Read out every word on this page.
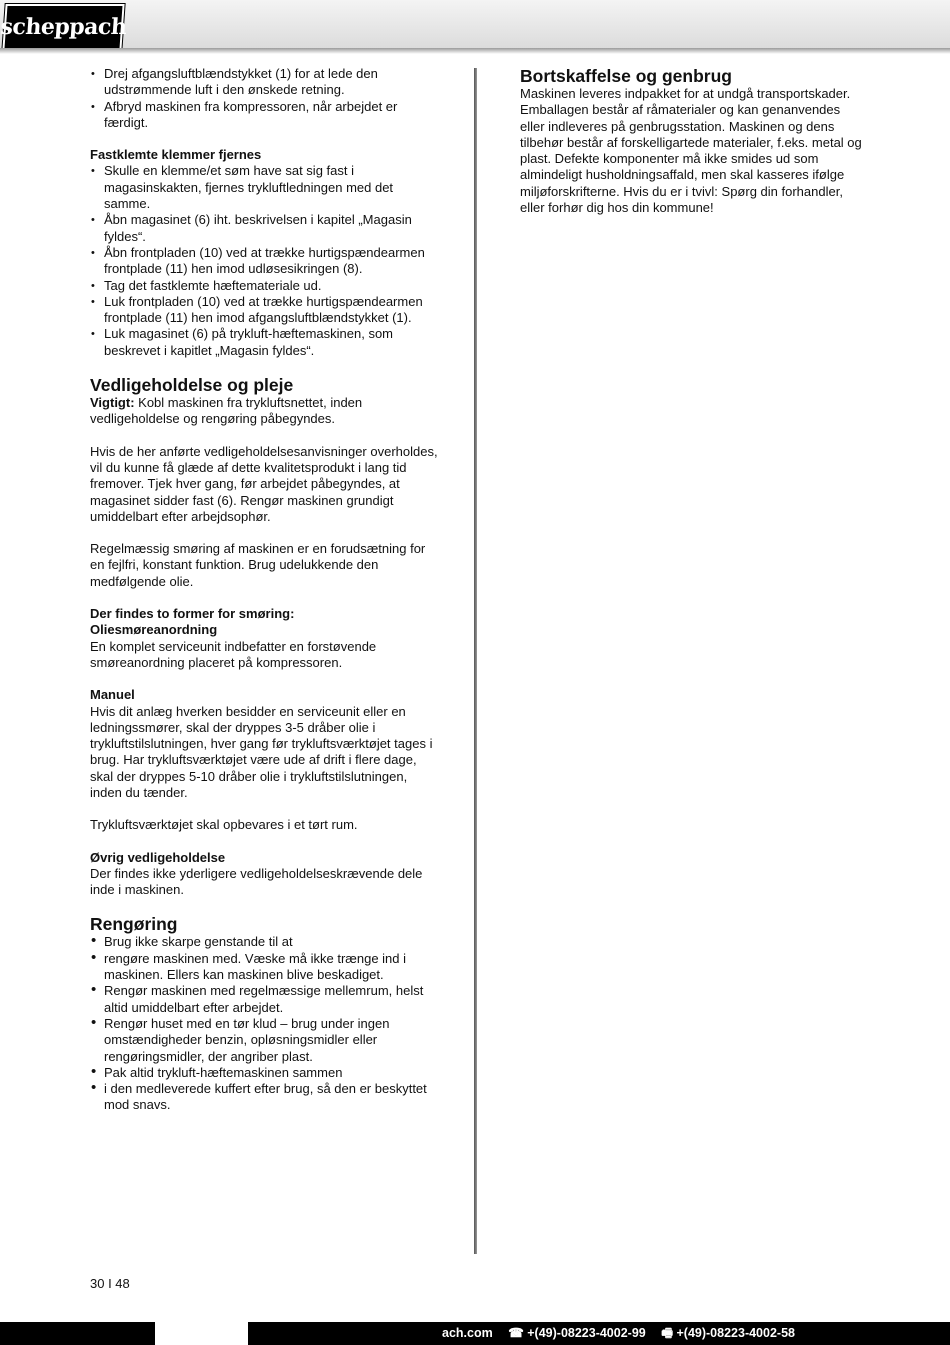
scheppach
• Drej afgangsluftblændstykket (1) for at lede den udstrømmende luft i den ønskede retning.
• Afbryd maskinen fra kompressoren, når arbejdet er færdigt.

Fastklemte klemmer fjernes

• Skulle en klemme/et søm have sat sig fast i magasinskakten, fjernes trykluftledningen med det samme.
• Åbn magasinet (6) iht. beskrivelsen i kapitel „Magasin fyldes“.
• Åbn frontpladen (10) ved at trække hurtigspændearmen frontplade (11) hen imod udløsesikringen (8).
• Tag det fastklemte hæftemateriale ud.
• Luk frontpladen (10) ved at trække hurtigspændearmen frontplade (11) hen imod afgangsluftblændstykket (1).
• Luk magasinet (6) på trykluft-hæftemaskinen, som beskrevet i kapitlet „Magasin fyldes“.

Vedligeholdelse og pleje

Vigtigt: Kobl maskinen fra trykluftsnettet, inden vedligeholdelse og rengøring påbegyndes.

Hvis de her anførte vedligeholdelsesanvisninger overholdes, vil du kunne få glæde af dette kvalitetsprodukt i lang tid fremover. Tjek hver gang, før arbejdet påbegyndes, at magasinet sidder fast (6). Rengør maskinen grundigt umiddelbart efter arbejdsophør.

Regelmæssig smøring af maskinen er en forudsætning for en fejlfri, konstant funktion. Brug udelukkende den medfølgende olie.

Der findes to former for smøring:

Oliesmøreanordning

En komplet serviceunit indbefatter en forstøvende smøreanordning placeret på kompressoren.

Manuel

Hvis dit anlæg hverken besidder en serviceunit eller en ledningssmører, skal der dryppes 3-5 dråber olie i trykluftstilslutningen, hver gang før trykluftsværktøjet tages i brug. Har trykluftsværktøjet være ude af drift i flere dage, skal der dryppes 5-10 dråber olie i trykluftstilslutningen, inden du tænder.

Trykluftsværktøjet skal opbevares i et tørt rum.

Øvrig vedligeholdelse

Der findes ikke yderligere vedligeholdelseskrævende dele inde i maskinen.

Rengøring

• Brug ikke skarpe genstande til at
• rengøre maskinen med. Væske må ikke trænge ind i maskinen. Ellers kan maskinen blive beskadiget.
• Rengør maskinen med regelmæssige mellemrum, helst altid umiddelbart efter arbejdet.
• Rengør huset med en tør klud – brug under ingen omstændigheder benzin, opløsningsmidler eller rengøringsmidler, der angriber plast.
• Pak altid trykluft-hæftemaskinen sammen
• i den medleverede kuffert efter brug, så den er beskyttet mod snavs.

Bortskaffelse og genbrug

Maskinen leveres indpakket for at undgå transportskader. Emballagen består af råmaterialer og kan genanvendes eller indleveres på genbrugsstation. Maskinen og dens tilbehør består af forskelligartede materialer, f.eks. metal og plast. Defekte komponenter må ikke smides ud som almindeligt husholdningsaffald, men skal kasseres ifølge miljøforskrifterne. Hvis du er i tvivl: Spørg din forhandler, eller forhør dig hos din kommune!

30 I 48
ach.com ☎ +(49)-08223-4002-99 🖷 +(49)-08223-4002-58
